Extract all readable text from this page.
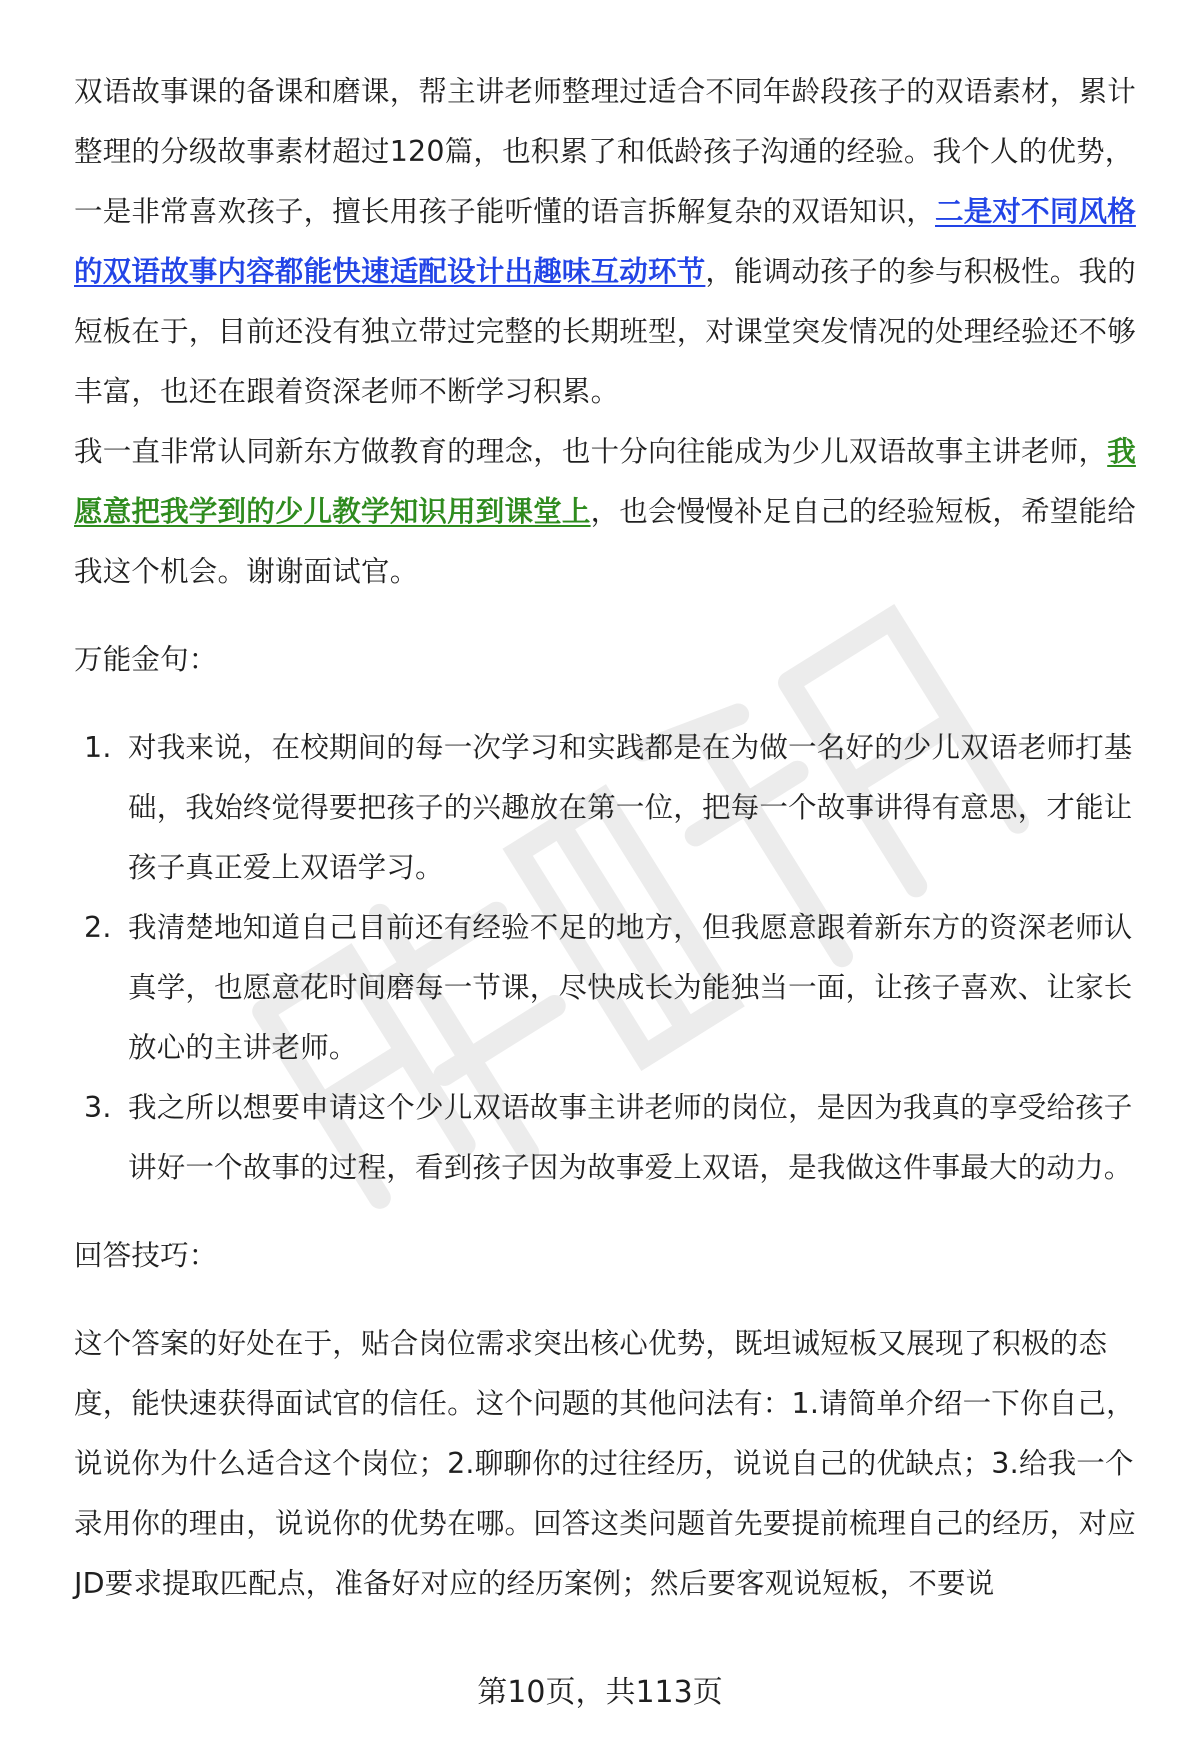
双语故事课的备课和磨课，帮主讲老师整理过适合不同年龄段孩子的双语素材，累计整理的分级故事素材超过120篇，也积累了和低龄孩子沟通的经验。我个人的优势，一是非常喜欢孩子，擅长用孩子能听懂的语言拆解复杂的双语知识，二是对不同风格的双语故事内容都能快速适配设计出趣味互动环节，能调动孩子的参与积极性。我的短板在于，目前还没有独立带过完整的长期班型，对课堂突发情况的处理经验还不够丰富，也还在跟着资深老师不断学习积累。

我一直非常认同新东方做教育的理念，也十分向往能成为少儿双语故事主讲老师，我愿意把我学到的少儿教学知识用到课堂上，也会慢慢补足自己的经验短板，希望能给我这个机会。谢谢面试官。

万能金句：

1. 对我来说，在校期间的每一次学习和实践都是在为做一名好的少儿双语老师打基础，我始终觉得要把孩子的兴趣放在第一位，把每一个故事讲得有意思，才能让孩子真正爱上双语学习。
2. 我清楚地知道自己目前还有经验不足的地方，但我愿意跟着新东方的资深老师认真学，也愿意花时间磨每一节课，尽快成长为能独当一面，让孩子喜欢、让家长放心的主讲老师。
3. 我之所以想要申请这个少儿双语故事主讲老师的岗位，是因为我真的享受给孩子讲好一个故事的过程，看到孩子因为故事爱上双语，是我做这件事最大的动力。

回答技巧：

这个答案的好处在于，贴合岗位需求突出核心优势，既坦诚短板又展现了积极的态度，能快速获得面试官的信任。这个问题的其他问法有：1.请简单介绍一下你自己，说说你为什么适合这个岗位；2.聊聊你的过往经历，说说自己的优缺点；3.给我一个录用你的理由，说说你的优势在哪。回答这类问题首先要提前梳理自己的经历，对应JD要求提取匹配点，准备好对应的经历案例；然后要客观说短板，不要说

第10页，共113页
